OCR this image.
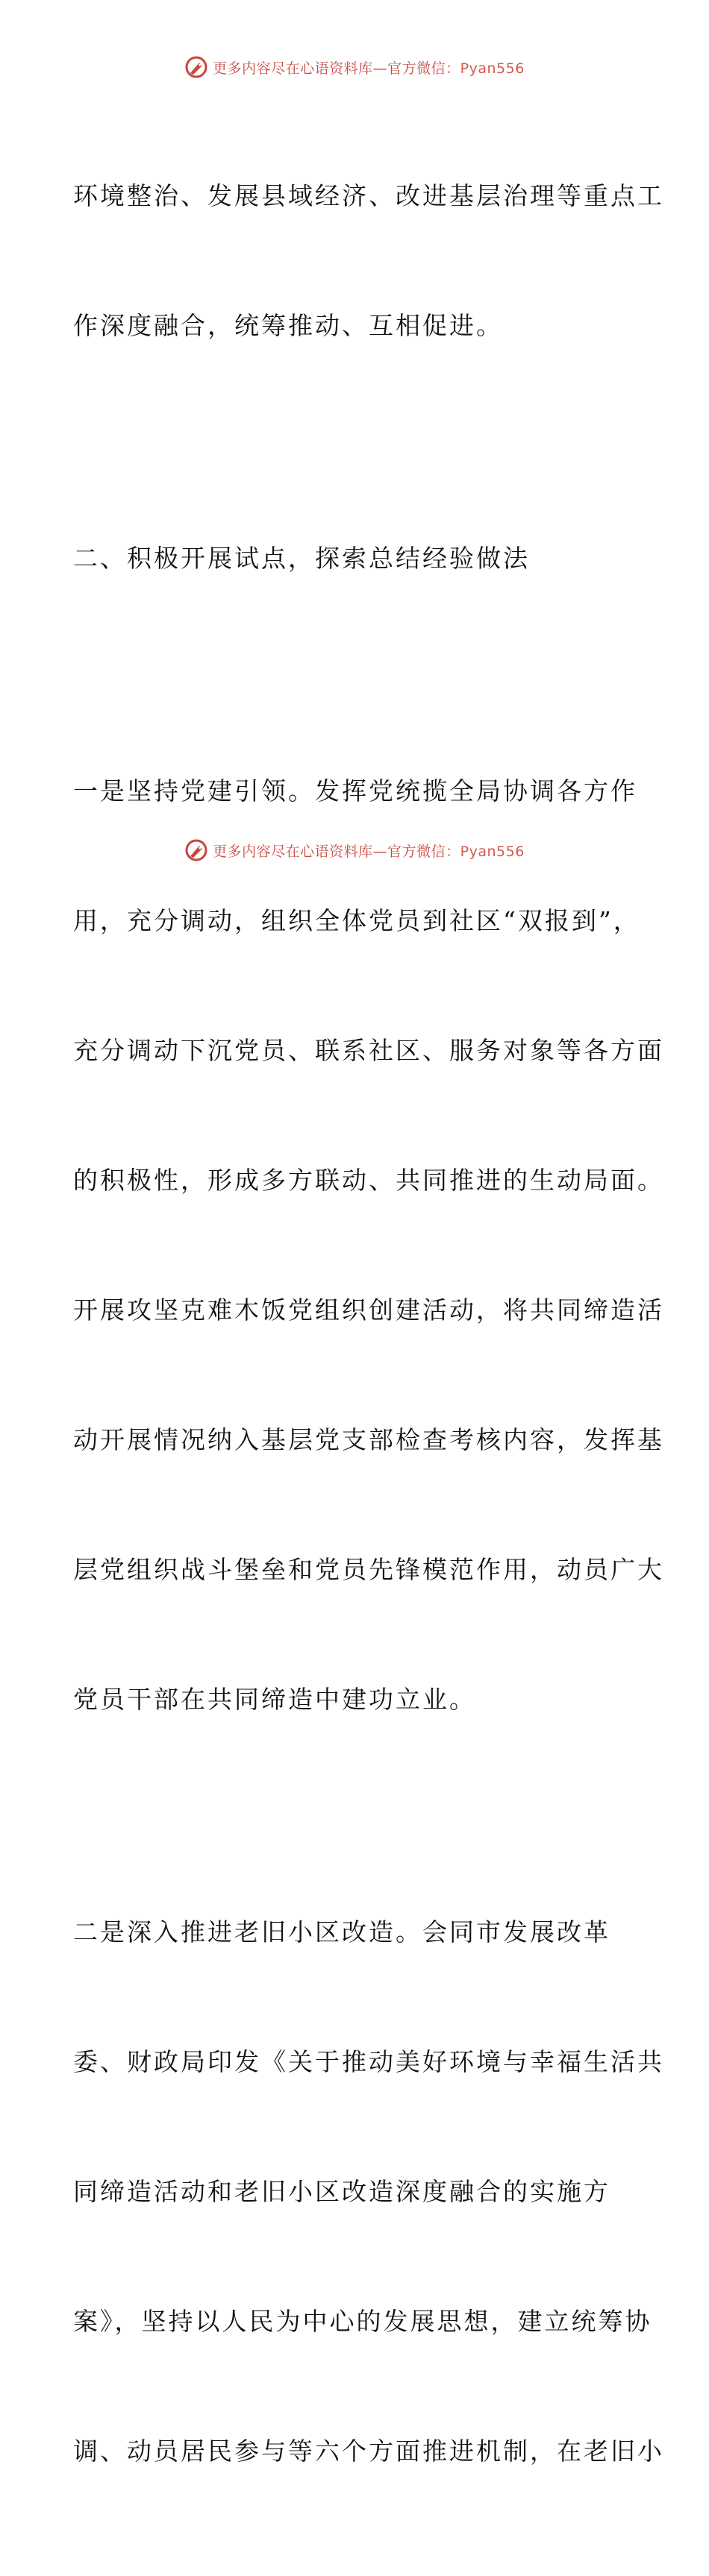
更多内容尽在心语资料库—官方微信：Pyan556

环境整治、发展县域经济、改进基层治理等重点工

作深度融合，统筹推动、互相促进。

二、积极开展试点，探索总结经验做法

一是坚持党建引领。发挥党统揽全局协调各方作

用，充分调动，组织全体党员到社区“双报到”，

充分调动下沉党员、联系社区、服务对象等各方面

的积极性，形成多方联动、共同推进的生动局面。

开展攻坚克难木饭党组织创建活动，将共同缔造活

动开展情况纳入基层党支部检查考核内容，发挥基

层党组织战斗堡垒和党员先锋模范作用，动员广大

党员干部在共同缔造中建功立业。

二是深入推进老旧小区改造。会同市发展改革

委、财政局印发《关于推动美好环境与幸福生活共

同缔造活动和老旧小区改造深度融合的实施方

案》，坚持以人民为中心的发展思想，建立统筹协

调、动员居民参与等六个方面推进机制，在老旧小

更多内容尽在心语资料库—官方微信：Pyan556
